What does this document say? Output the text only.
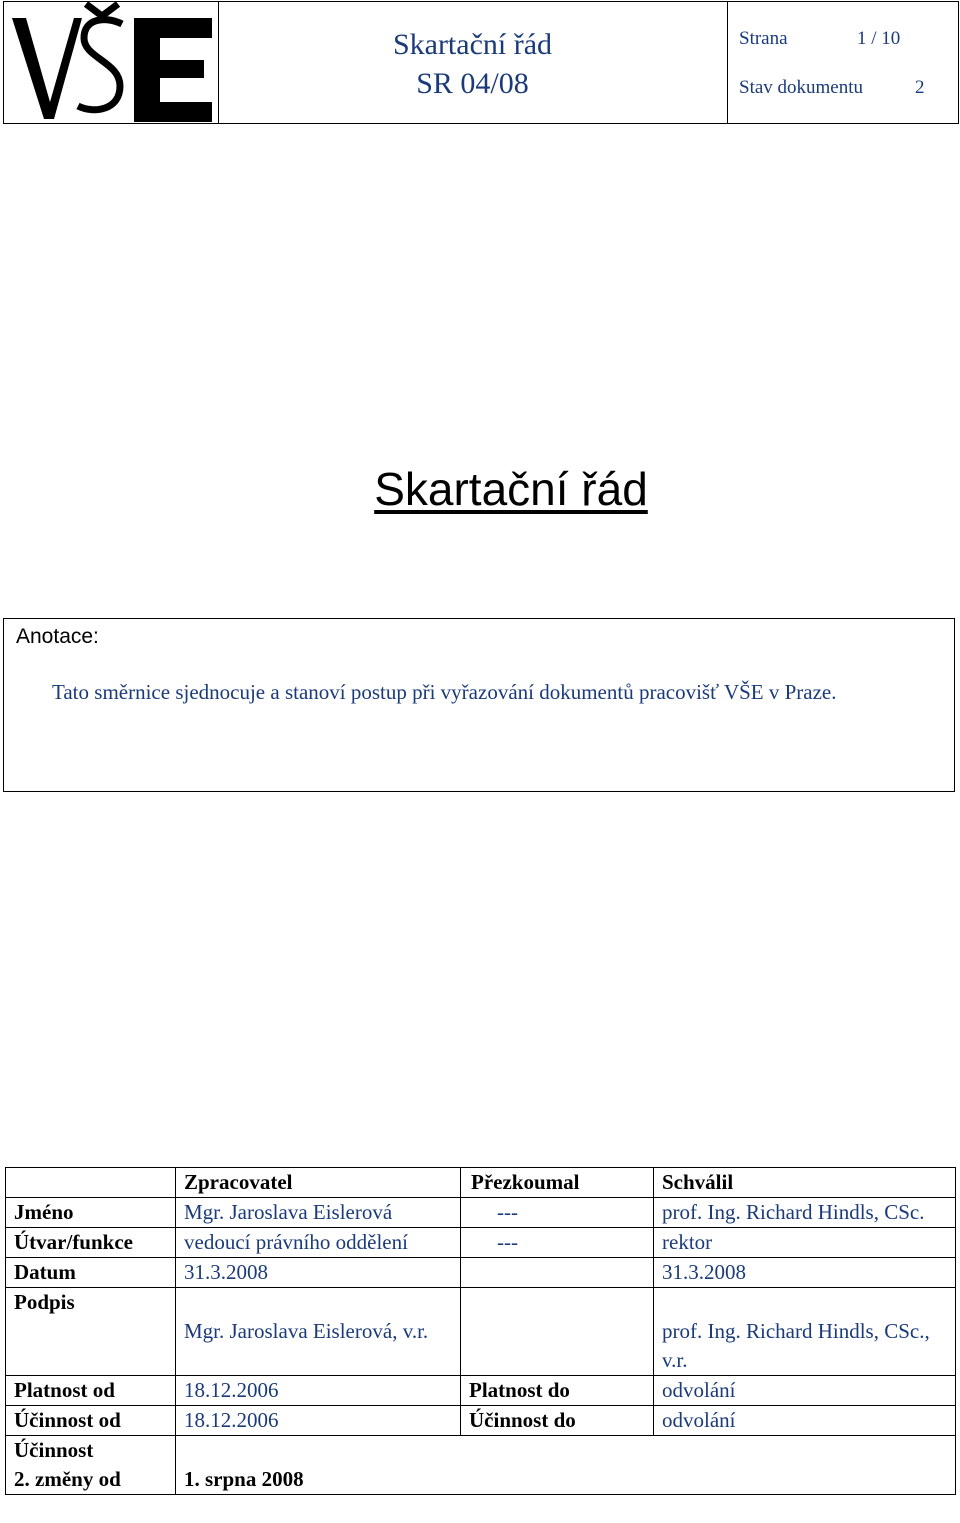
Skartační řád
SR 04/08
Strana	1 / 10
Stav dokumentu	2
Skartační řád
Anotace:
Tato směrnice sjednocuje a stanoví postup při vyřazování dokumentů pracovišť VŠE v Praze.
	Zpracovatel	Přezkoumal	Schválil
Jméno	Mgr. Jaroslava Eislerová	---	prof. Ing. Richard Hindls, CSc.
Útvar/funkce	vedoucí právního oddělení	---	rektor
Datum	31.3.2008		31.3.2008
Podpis	Mgr. Jaroslava Eislerová, v.r.		prof. Ing. Richard Hindls, CSc., v.r.
Platnost od	18.12.2006	Platnost do	odvolání
Účinnost od	18.12.2006	Účinnost do	odvolání

Účinnost
2. změny od	1. srpna 2008		
